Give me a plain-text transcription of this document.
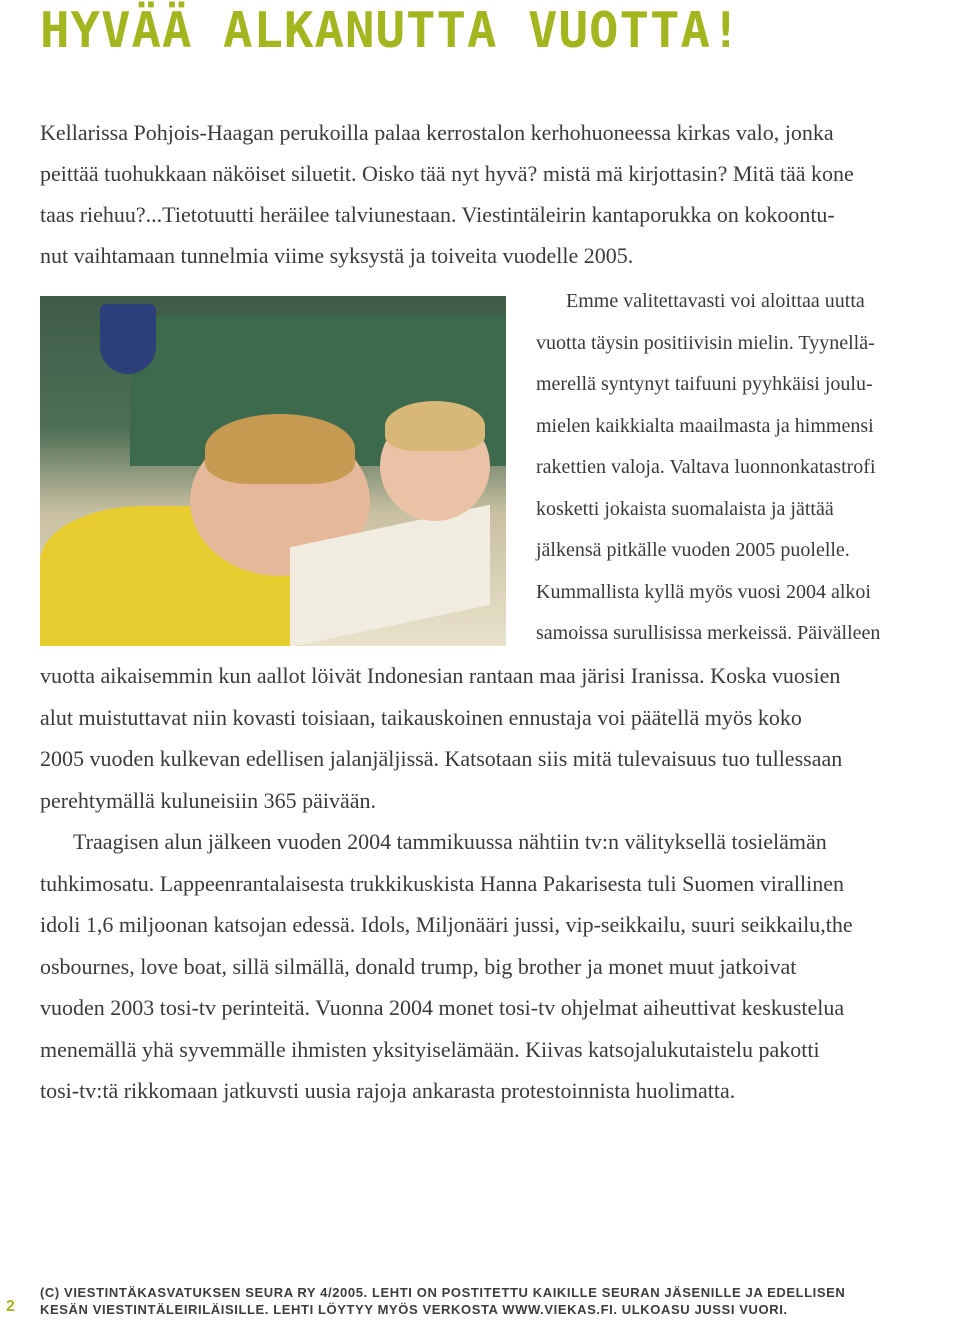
HYVÄÄ ALKANUTTA VUOTTA!

Kellarissa Pohjois-Haagan perukoilla palaa kerrostalon kerhohuoneessa kirkas valo, jonka
peittää tuohukkaan näköiset siluetit. Oisko tää nyt hyvä? mistä mä kirjottasin? Mitä tää kone
taas riehuu?...Tietotuutti heräilee talviunestaan. Viestintäleirin kantaporukka on kokoontu-
nut vaihtamaan tunnelmia viime syksystä ja toiveita vuodelle 2005.

Emme valitettavasti voi aloittaa uutta
vuotta täysin positiivisin mielin. Tyynellä-
merellä syntynyt taifuuni pyyhkäisi joulu-
mielen kaikkialta maailmasta ja himmensi
rakettien valoja. Valtava luonnonkatastrofi
kosketti jokaista suomalaista ja jättää
jälkensä pitkälle vuoden 2005 puolelle.
Kummallista kyllä myös vuosi 2004 alkoi
samoissa surullisissa merkeissä. Päivälleen

vuotta aikaisemmin kun aallot löivät Indonesian rantaan maa järisi Iranissa. Koska vuosien
alut muistuttavat niin kovasti toisiaan, taikauskoinen ennustaja voi päätellä myös koko
2005 vuoden kulkevan edellisen jalanjäljissä. Katsotaan siis mitä tulevaisuus tuo tullessaan
perehtymällä kuluneisiin 365 päivään.

Traagisen alun jälkeen vuoden 2004 tammikuussa nähtiin tv:n välityksellä tosielämän
tuhkimosatu. Lappeenrantalaisesta trukkikuskista Hanna Pakarisesta tuli Suomen virallinen
idoli 1,6 miljoonan katsojan edessä. Idols, Miljonääri jussi, vip-seikkailu, suuri seikkailu,the
osbournes, love boat, sillä silmällä, donald trump, big brother ja monet muut jatkoivat
vuoden 2003 tosi-tv perinteitä. Vuonna 2004 monet tosi-tv ohjelmat aiheuttivat keskustelua
menemällä yhä syvemmälle ihmisten yksityiselämään. Kiivas katsojalukutaistelu pakotti
tosi-tv:tä rikkomaan jatkuvsti uusia rajoja ankarasta protestoinnista huolimatta.

2

(C) VIESTINTÄKASVATUKSEN SEURA RY 4/2005. LEHTI ON POSTITETTU KAIKILLE SEURAN JÄSENILLE JA EDELLISEN
KESÄN VIESTINTÄLEIRILÄISILLE. LEHTI LÖYTYY MYÖS VERKOSTA WWW.VIEKAS.FI. ULKOASU JUSSI VUORI.
